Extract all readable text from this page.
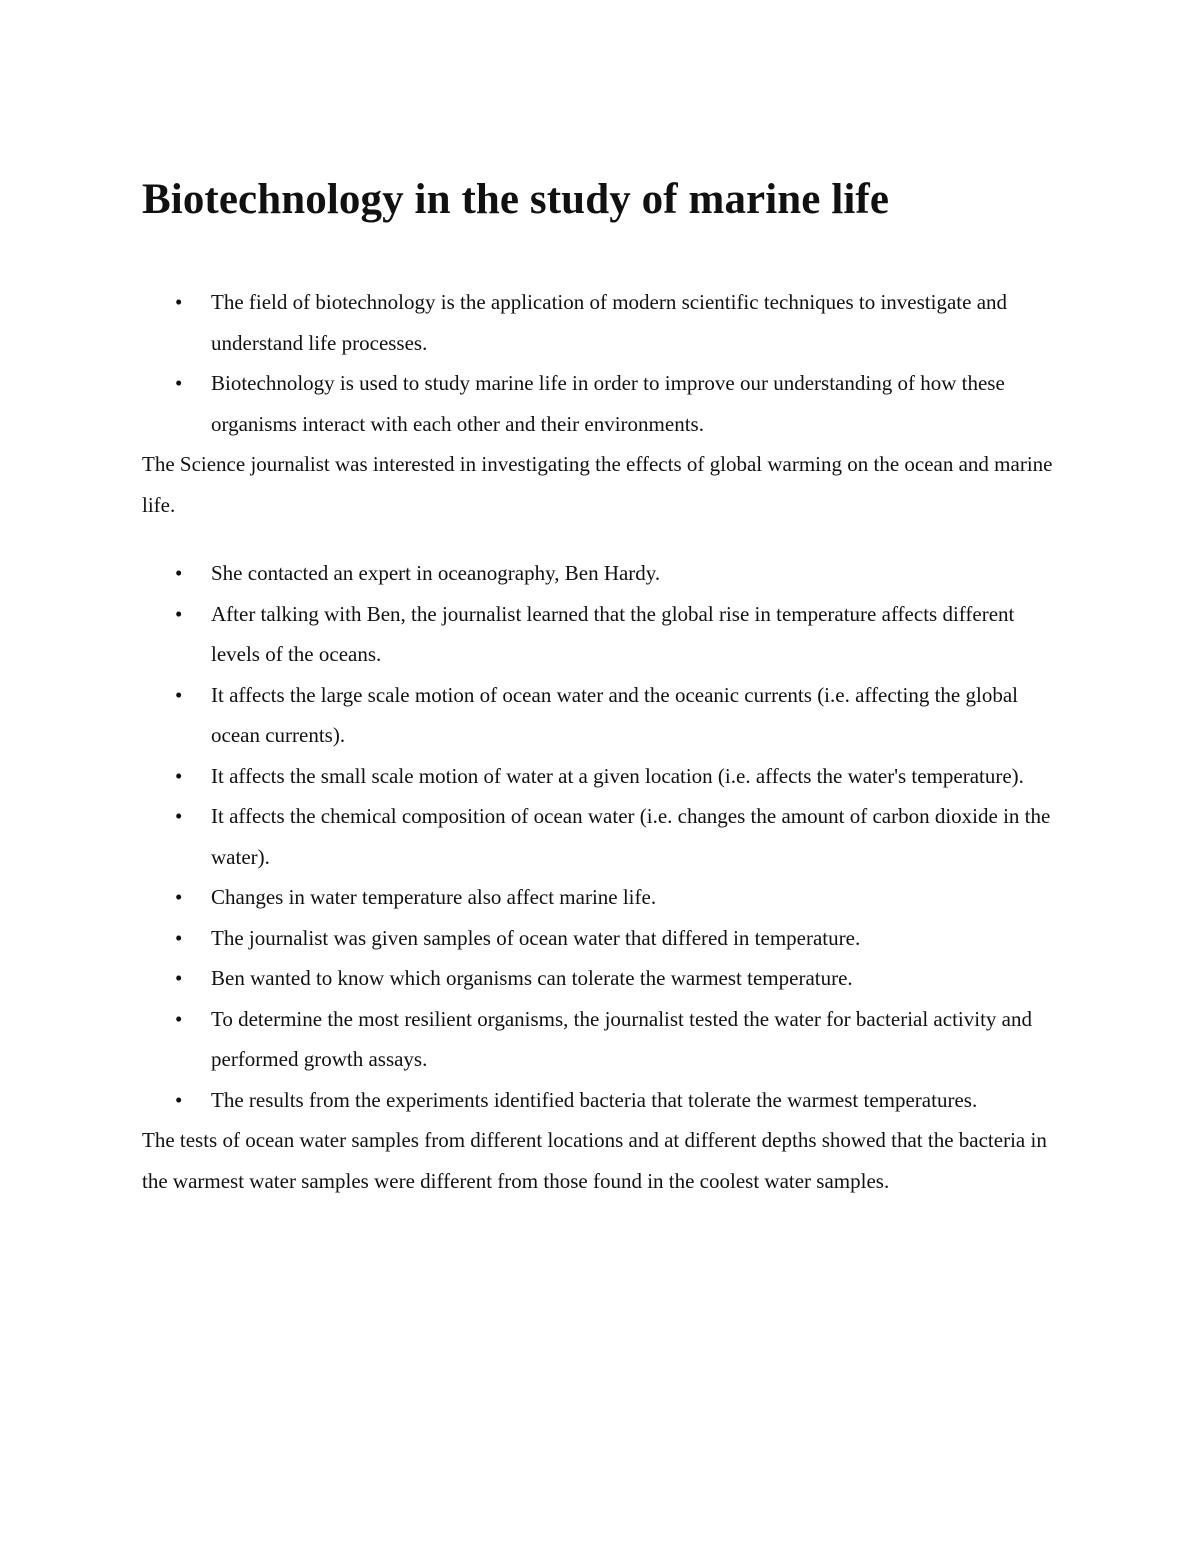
Biotechnology in the study of marine life
• The field of biotechnology is the application of modern scientific techniques to investigate and understand life processes.
• Biotechnology is used to study marine life in order to improve our understanding of how these organisms interact with each other and their environments.

The Science journalist was interested in investigating the effects of global warming on the ocean and marine life.

• She contacted an expert in oceanography, Ben Hardy.
• After talking with Ben, the journalist learned that the global rise in temperature affects different levels of the oceans.
• It affects the large scale motion of ocean water and the oceanic currents (i.e. affecting the global ocean currents).
• It affects the small scale motion of water at a given location (i.e. affects the water's temperature).
• It affects the chemical composition of ocean water (i.e. changes the amount of carbon dioxide in the water).
• Changes in water temperature also affect marine life.
• The journalist was given samples of ocean water that differed in temperature.
• Ben wanted to know which organisms can tolerate the warmest temperature.
• To determine the most resilient organisms, the journalist tested the water for bacterial activity and performed growth assays.
• The results from the experiments identified bacteria that tolerate the warmest temperatures.

The tests of ocean water samples from different locations and at different depths showed that the bacteria in the warmest water samples were different from those found in the coolest water samples.
